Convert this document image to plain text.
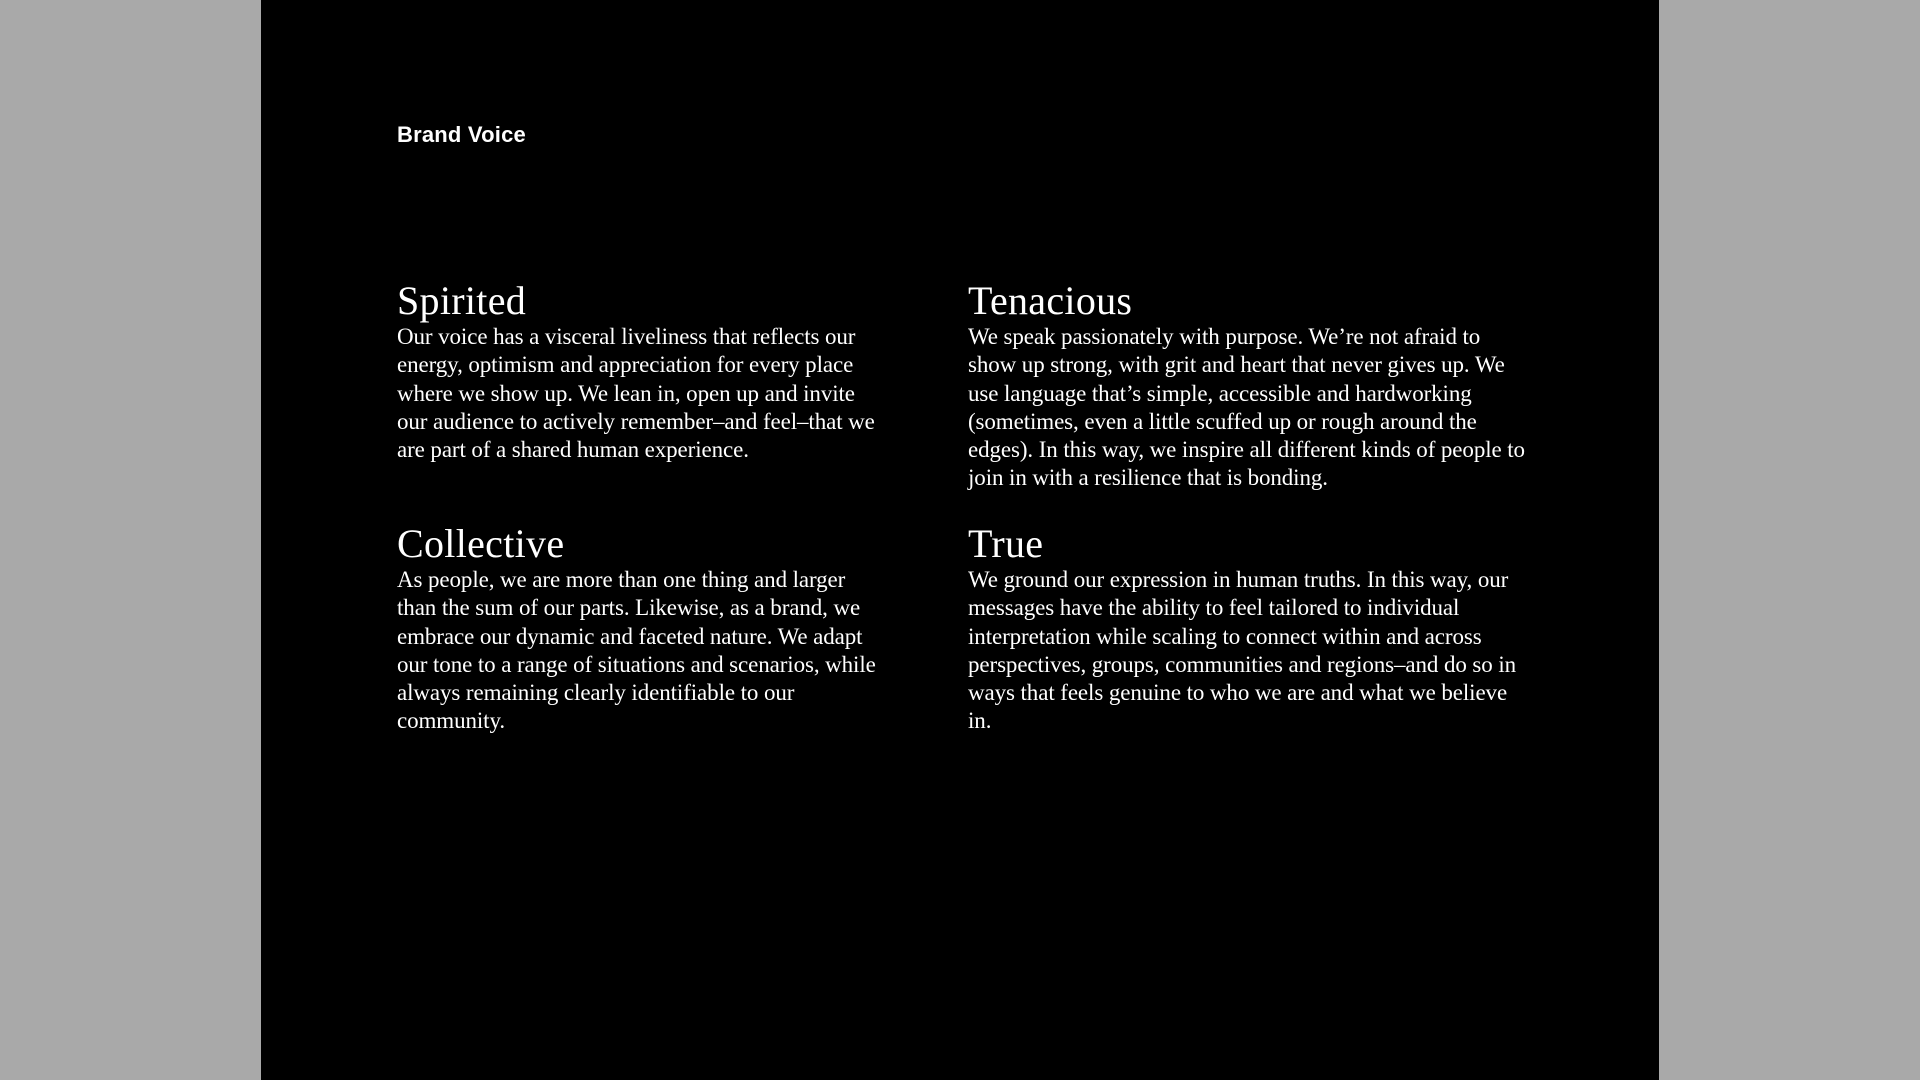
Brand Voice
Spirited

Our voice has a visceral liveliness that reflects our energy, optimism and appreciation for every place where we show up. We lean in, open up and invite our audience to actively remember–and feel–that we are part of a shared human experience.

Tenacious

We speak passionately with purpose. We’re not afraid to show up strong, with grit and heart that never gives up. We use language that’s simple, accessible and hardworking (sometimes, even a little scuffed up or rough around the edges). In this way, we inspire all different kinds of people to join in with a resilience that is bonding.

Collective

As people, we are more than one thing and larger than the sum of our parts. Likewise, as a brand, we embrace our dynamic and faceted nature. We adapt our tone to a range of situations and scenarios, while always remaining clearly identifiable to our community.

True

We ground our expression in human truths. In this way, our messages have the ability to feel tailored to individual interpretation while scaling to connect within and across perspectives, groups, communities and regions–and do so in ways that feels genuine to who we are and what we believe in.
